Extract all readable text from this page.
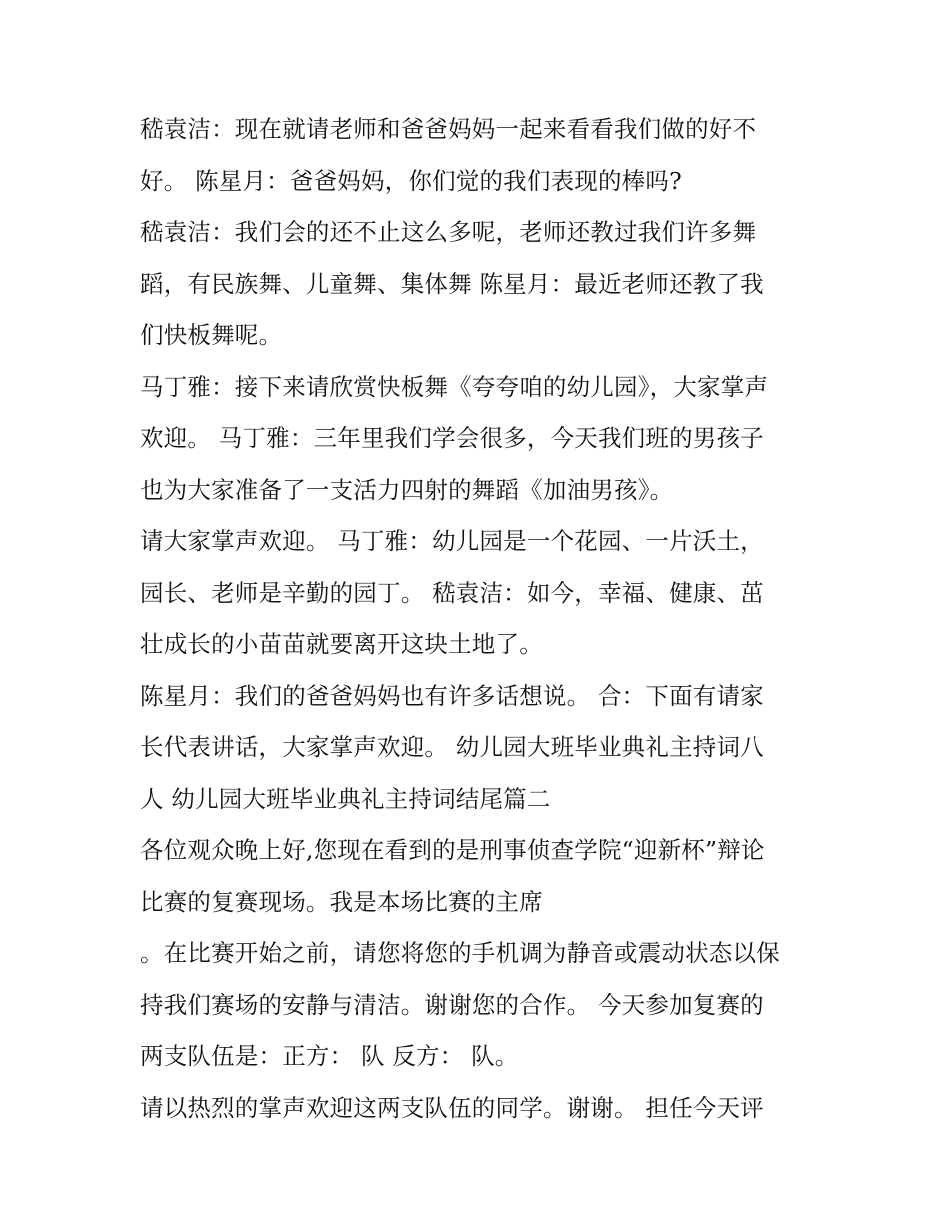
嵇袁洁：现在就请老师和爸爸妈妈一起来看看我们做的好不
好。 陈星月：爸爸妈妈，你们觉的我们表现的棒吗?

嵇袁洁：我们会的还不止这么多呢，老师还教过我们许多舞
蹈，有民族舞、儿童舞、集体舞 陈星月：最近老师还教了我
们快板舞呢。

马丁雅：接下来请欣赏快板舞《夸夸咱的幼儿园》，大家掌声
欢迎。 马丁雅：三年里我们学会很多，今天我们班的男孩子
也为大家准备了一支活力四射的舞蹈《加油男孩》。

请大家掌声欢迎。 马丁雅：幼儿园是一个花园、一片沃土，
园长、老师是辛勤的园丁。 嵇袁洁：如今，幸福、健康、茁
壮成长的小苗苗就要离开这块土地了。

陈星月：我们的爸爸妈妈也有许多话想说。 合：下面有请家
长代表讲话，大家掌声欢迎。 幼儿园大班毕业典礼主持词八
人 幼儿园大班毕业典礼主持词结尾篇二

各位观众晚上好,您现在看到的是刑事侦查学院“迎新杯”辩论
比赛的复赛现场。我是本场比赛的主席

。在比赛开始之前，请您将您的手机调为静音或震动状态以保
持我们赛场的安静与清洁。谢谢您的合作。 今天参加复赛的
两支队伍是：正方： 队 反方： 队。

请以热烈的掌声欢迎这两支队伍的同学。谢谢。 担任今天评
